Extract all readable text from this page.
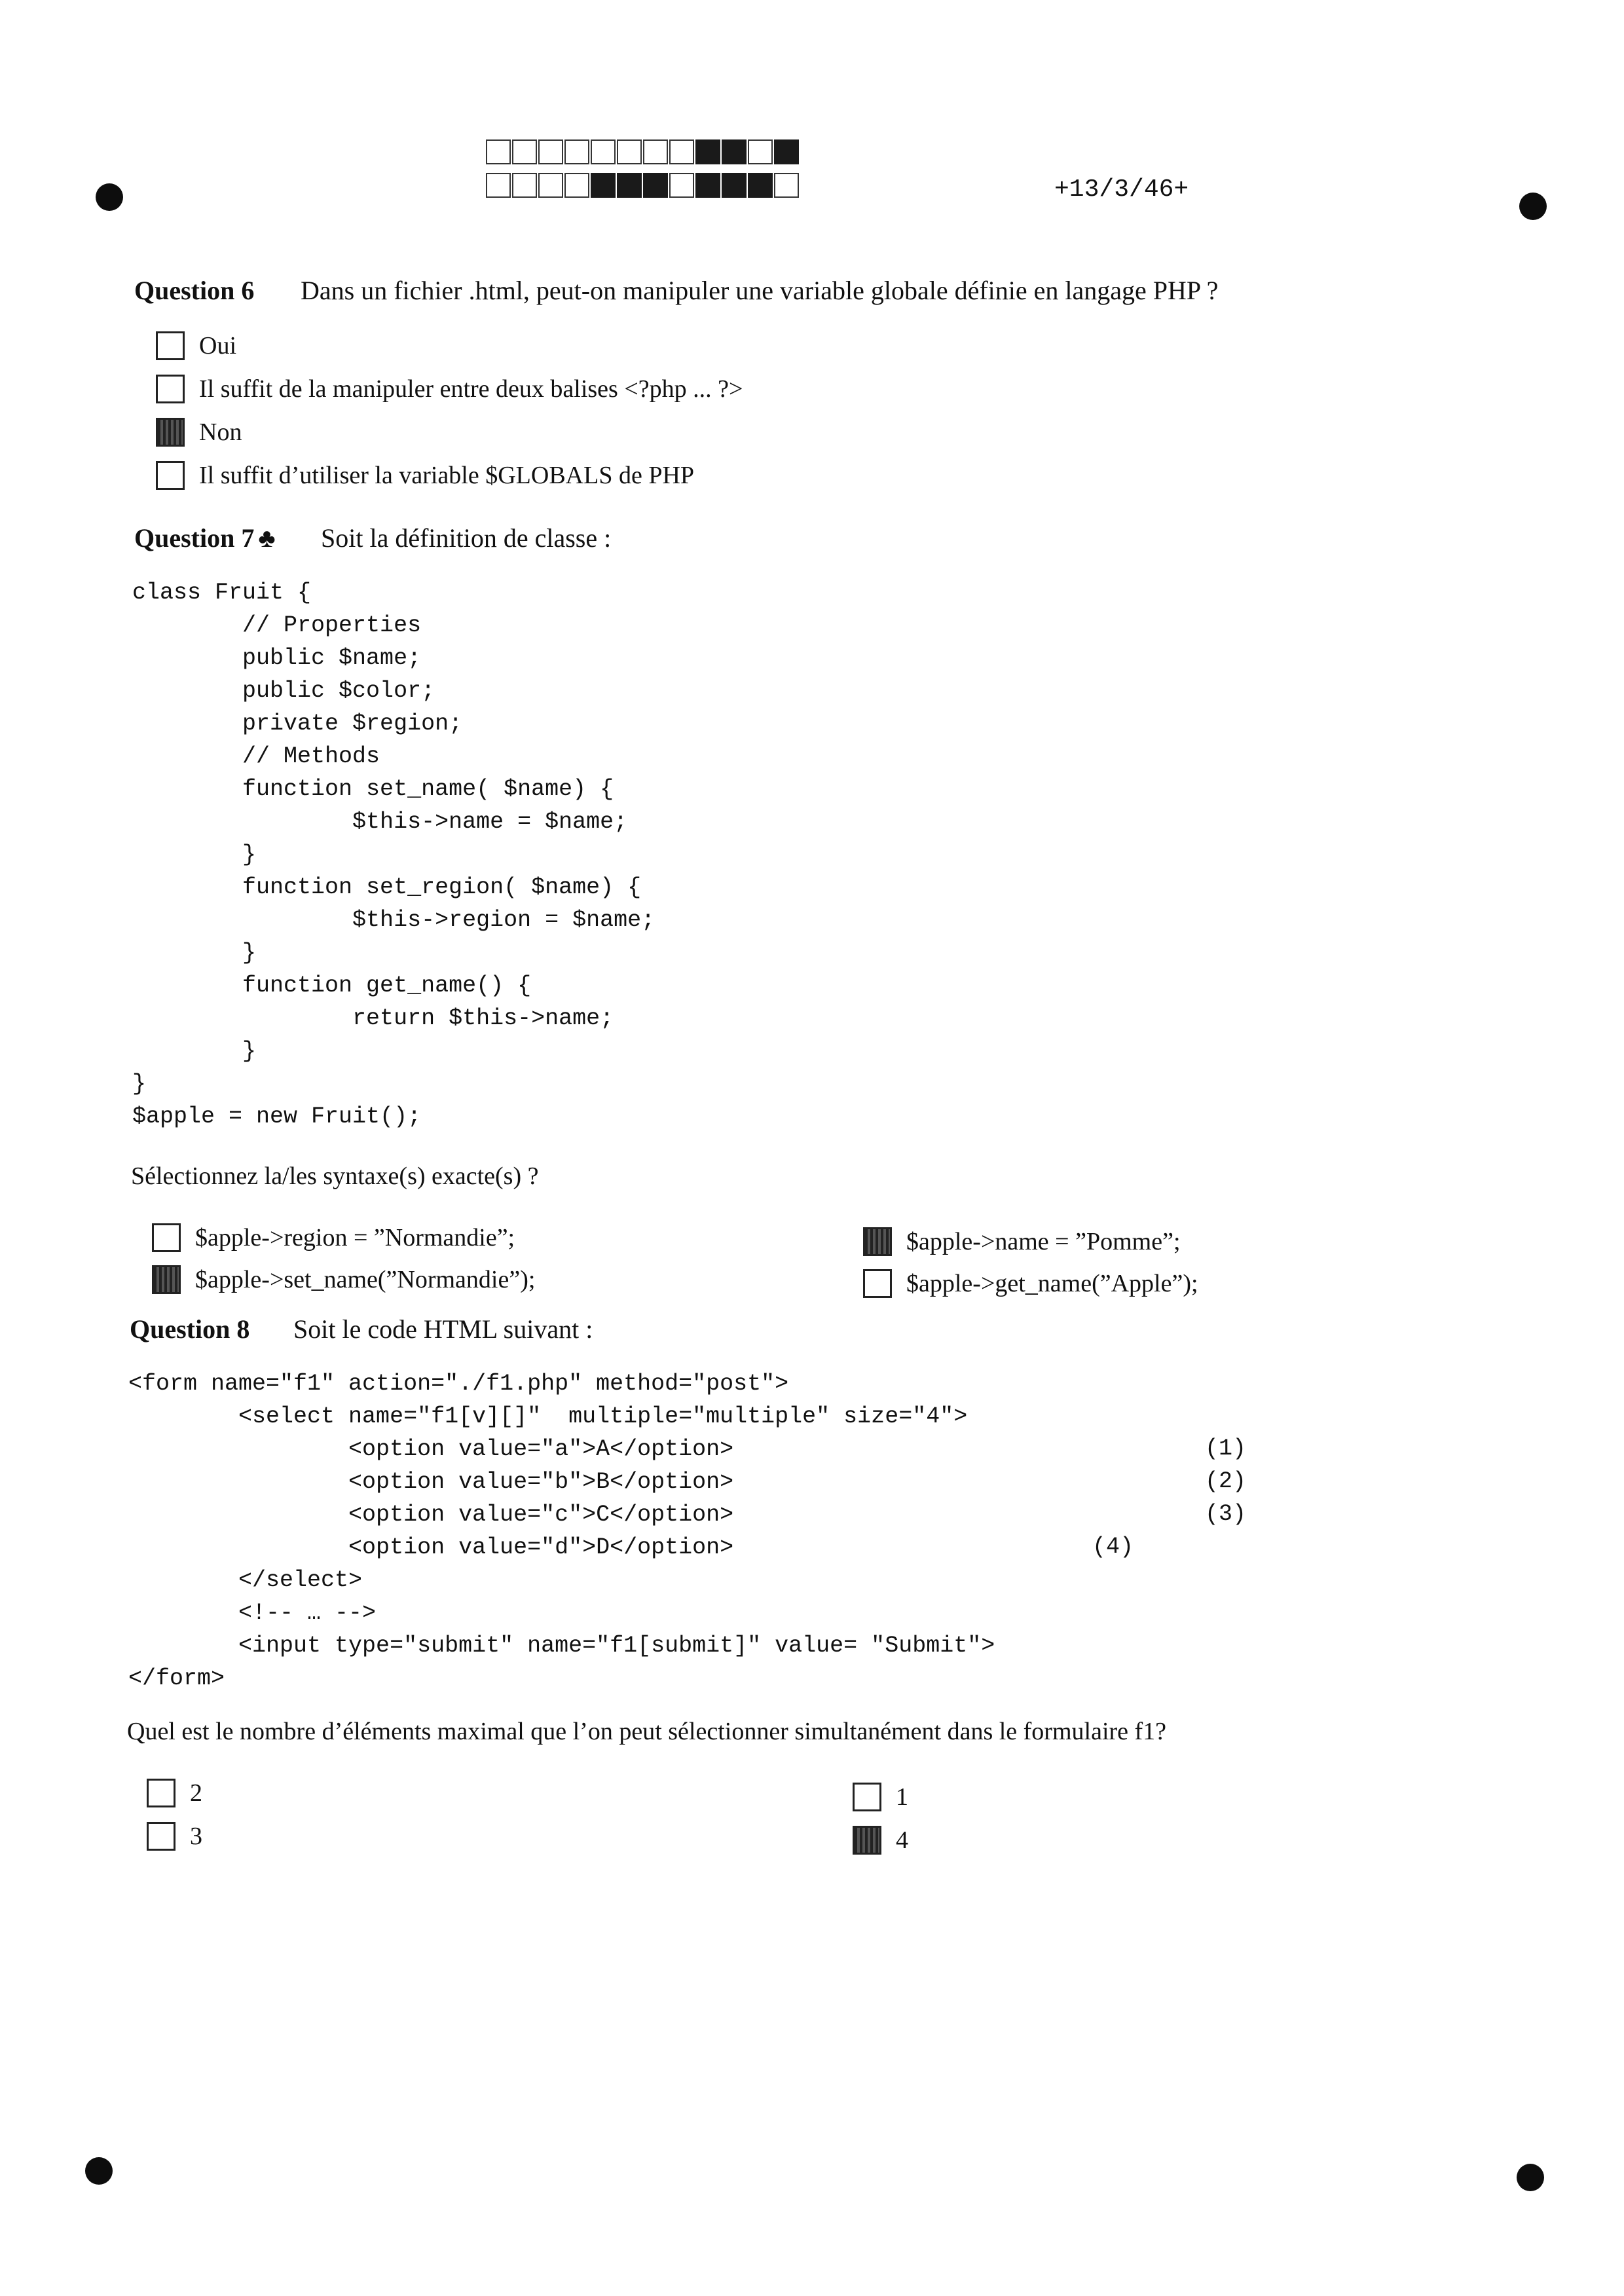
+13/3/46+
Question 6 Dans un fichier .html, peut-on manipuler une variable globale définie en langage PHP ?
Oui
Il suffit de la manipuler entre deux balises <?php ... ?>
Non
Il suffit d’utiliser la variable $GLOBALS de PHP
Question 7 ♣ Soit la définition de classe :
class Fruit {
// Properties
public $name;
public $color;
private $region;
// Methods
function set_name( $name) {
$this->name = $name;
}
function set_region( $name) {
$this->region = $name;
}
function get_name() {
return $this->name;
}
}
$apple = new Fruit();
Sélectionnez la/les syntaxe(s) exacte(s) ?
$apple->region = ”Normandie”;
$apple->set_name(”Normandie”);
$apple->name = ”Pomme”;
$apple->get_name(”Apple”);
Question 8 Soit le code HTML suivant :
<form name="f1" action="./f1.php" method="post">
<select name="f1[v][]"  multiple="multiple" size="4">
<option value="a">A</option>
<option value="b">B</option>
<option value="c">C</option>
<option value="d">D</option>
</select>
<!-- … -->
<input type="submit" name="f1[submit]" value= "Submit">
</form>
(1)
(2)
(3)
(4)
Quel est le nombre d’éléments maximal que l’on peut sélectionner simultanément dans le formulaire f1?
2
3
1
4
